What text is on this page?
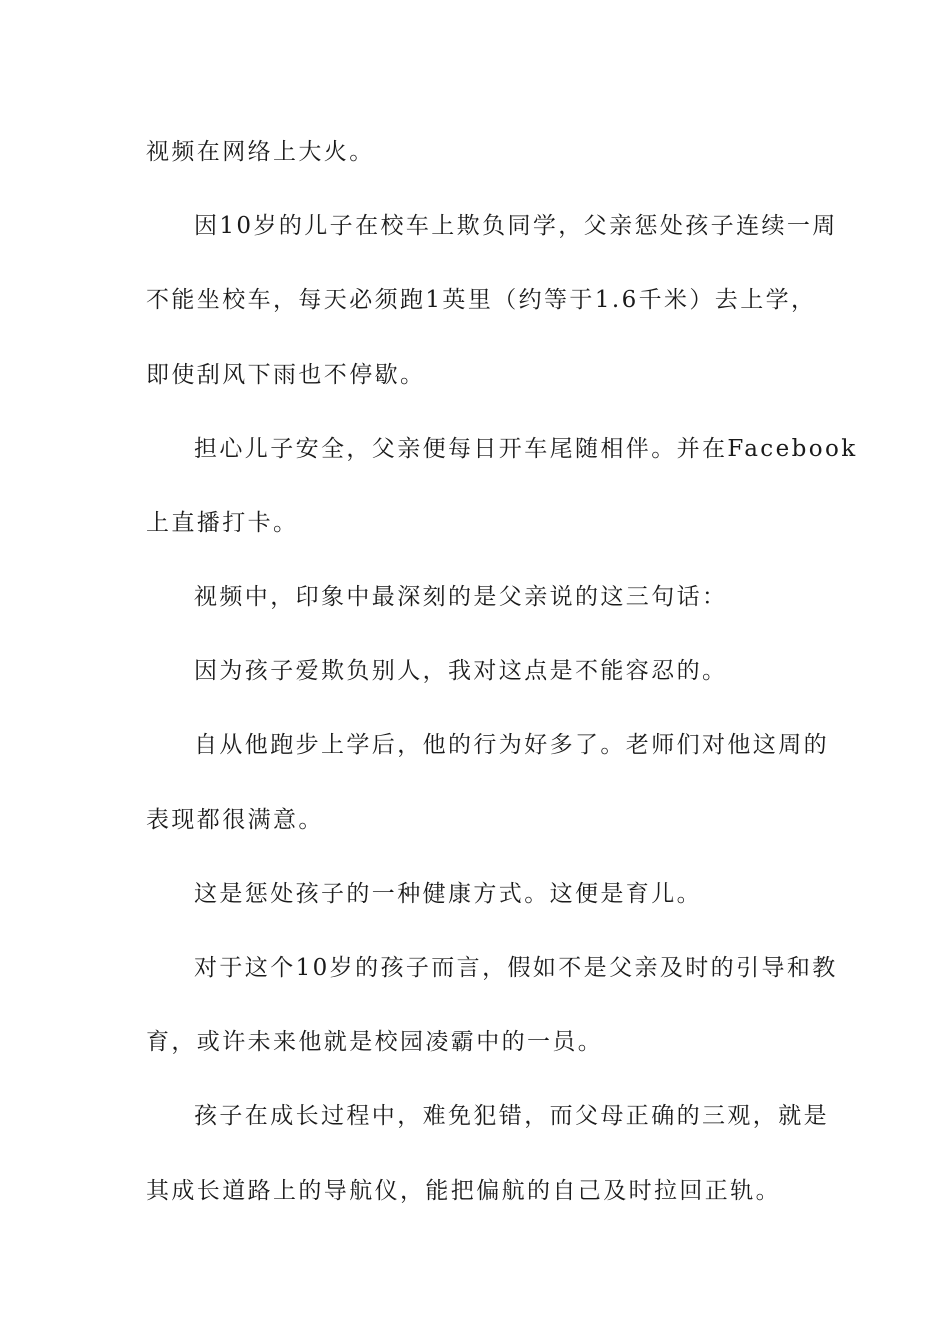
视频在网络上大火。
因10岁的儿子在校车上欺负同学，父亲惩处孩子连续一周
不能坐校车，每天必须跑1英里（约等于1.6千米）去上学，
即使刮风下雨也不停歇。
担心儿子安全，父亲便每日开车尾随相伴。并在Facebook
上直播打卡。
视频中，印象中最深刻的是父亲说的这三句话：
因为孩子爱欺负别人，我对这点是不能容忍的。
自从他跑步上学后，他的行为好多了。老师们对他这周的
表现都很满意。
这是惩处孩子的一种健康方式。这便是育儿。
对于这个10岁的孩子而言，假如不是父亲及时的引导和教
育，或许未来他就是校园凌霸中的一员。
孩子在成长过程中，难免犯错，而父母正确的三观，就是
其成长道路上的导航仪，能把偏航的自己及时拉回正轨。
